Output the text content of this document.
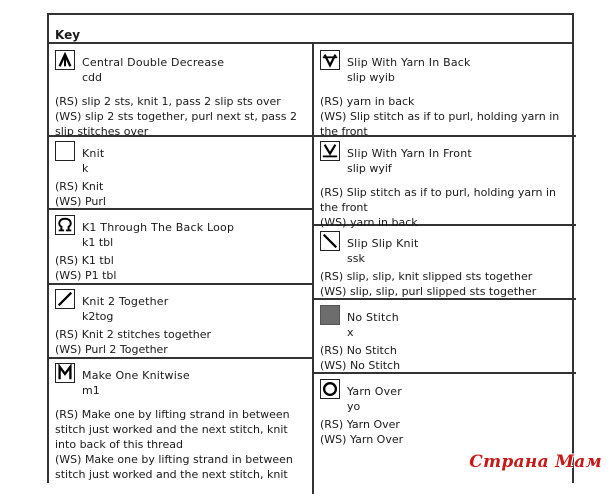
Key
Central Double Decrease
cdd
(RS) slip 2 sts, knit 1, pass 2 slip sts over
(WS) slip 2 sts together, purl next st, pass 2
slip stitches over
Knit
k
(RS) Knit
(WS) Purl
K1 Through The Back Loop
k1 tbl
(RS) K1 tbl
(WS) P1 tbl
Knit 2 Together
k2tog
(RS) Knit 2 stitches together
(WS) Purl 2 Together
Make One Knitwise
m1
(RS) Make one by lifting strand in between
stitch just worked and the next stitch, knit
into back of this thread
(WS) Make one by lifting strand in between
stitch just worked and the next stitch, knit
Slip With Yarn In Back
slip wyib
(RS) yarn in back
(WS) Slip stitch as if to purl, holding yarn in
the front
Slip With Yarn In Front
slip wyif
(RS) Slip stitch as if to purl, holding yarn in
the front
(WS) yarn in back
Slip Slip Knit
ssk
(RS) slip, slip, knit slipped sts together
(WS) slip, slip, purl slipped sts together
No Stitch
x
(RS) No Stitch
(WS) No Stitch
Yarn Over
yo
(RS) Yarn Over
(WS) Yarn Over
Страна Мам
